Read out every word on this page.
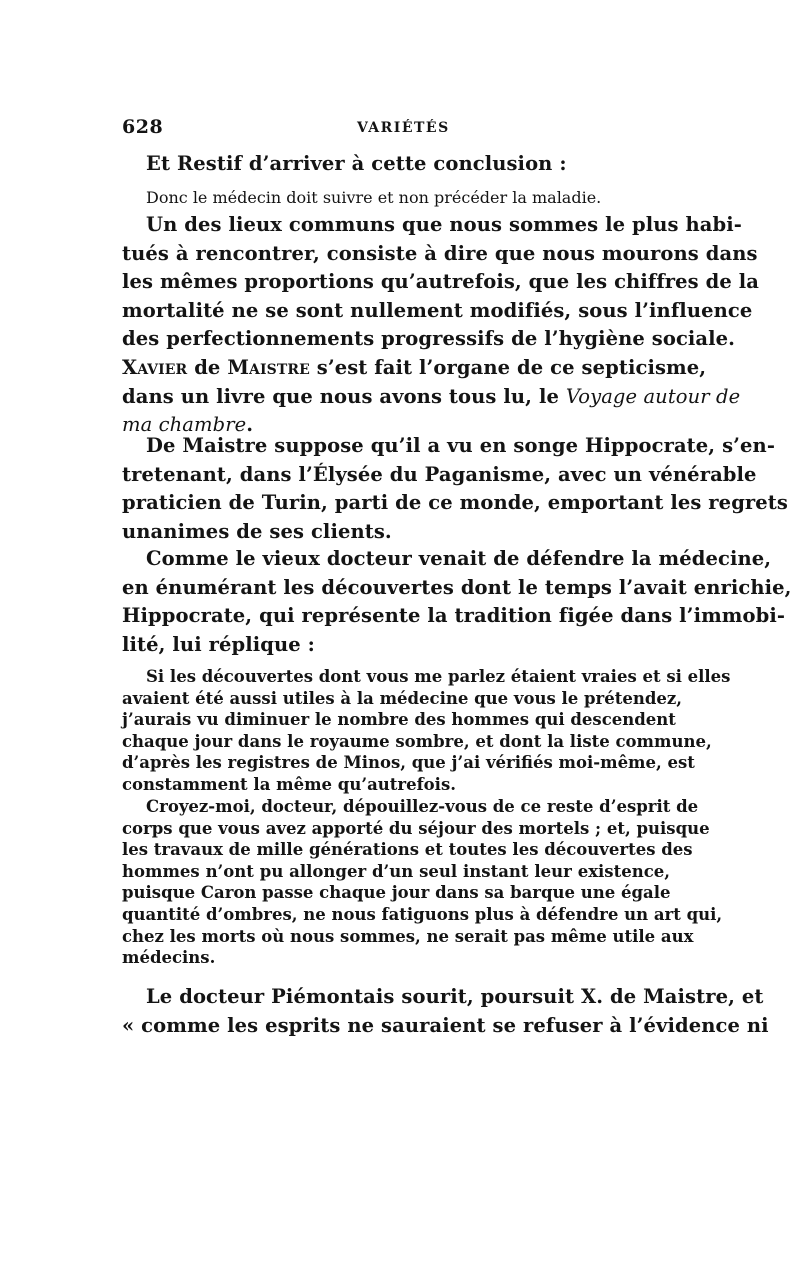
628	VARIÉTÉS
Et Restif d’arriver à cette conclusion :
Donc le médecin doit suivre et non précéder la maladie.
Un des lieux communs que nous sommes le plus habi-
tués à rencontrer, consiste à dire que nous mourons dans
les mêmes proportions qu’autrefois, que les chiffres de la
mortalité ne se sont nullement modifiés, sous l’influence
des perfectionnements progressifs de l’hygiène sociale.
Xavier de Maistre s’est fait l’organe de ce septicisme,
dans un livre que nous avons tous lu, le Voyage autour de
ma chambre.
De Maistre suppose qu’il a vu en songe Hippocrate, s’en-
tretenant, dans l’Élysée du Paganisme, avec un vénérable
praticien de Turin, parti de ce monde, emportant les regrets
unanimes de ses clients.
Comme le vieux docteur venait de défendre la médecine,
en énumérant les découvertes dont le temps l’avait enrichie,
Hippocrate, qui représente la tradition figée dans l’immobi-
lité, lui réplique :
Si les découvertes dont vous me parlez étaient vraies et si elles
avaient été aussi utiles à la médecine que vous le prétendez,
j’aurais vu diminuer le nombre des hommes qui descendent
chaque jour dans le royaume sombre, et dont la liste commune,
d’après les registres de Minos, que j’ai vérifiés moi-même, est
constamment la même qu’autrefois.
Croyez-moi, docteur, dépouillez-vous de ce reste d’esprit de
corps que vous avez apporté du séjour des mortels ; et, puisque
les travaux de mille générations et toutes les découvertes des
hommes n’ont pu allonger d’un seul instant leur existence,
puisque Caron passe chaque jour dans sa barque une égale
quantité d’ombres, ne nous fatiguons plus à défendre un art qui,
chez les morts où nous sommes, ne serait pas même utile aux
médecins.
Le docteur Piémontais sourit, poursuit X. de Maistre, et
« comme les esprits ne sauraient se refuser à l’évidence ni
